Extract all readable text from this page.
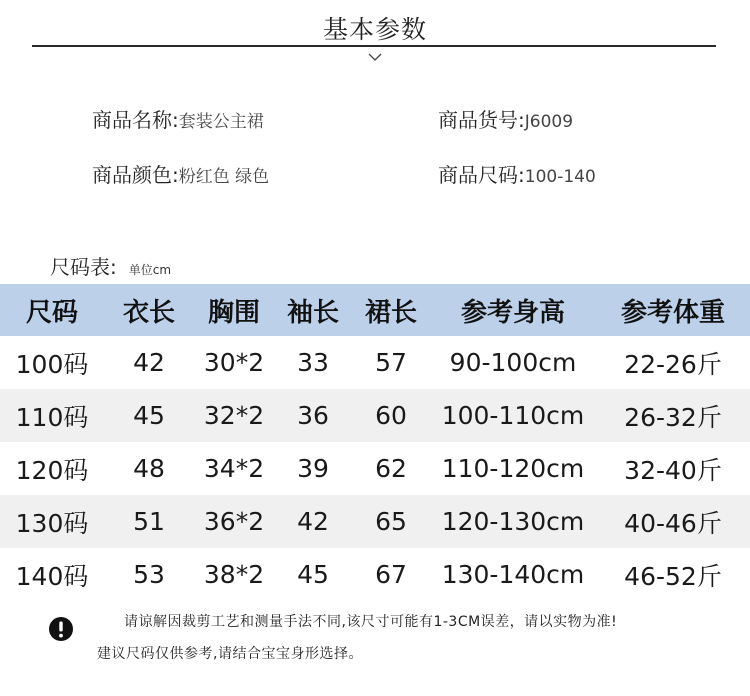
基本参数
商品名称:套装公主裙	商品货号:J6009
商品颜色:粉红色 绿色	商品尺码:100-140
尺码表: 单位cm
尺码	衣长	胸围	袖长	裙长	参考身高	参考体重
100码	42	30*2	33	57	90-100cm	22-26斤
110码	45	32*2	36	60	100-110cm	26-32斤
120码	48	34*2	39	62	110-120cm	32-40斤
130码	51	36*2	42	65	120-130cm	40-46斤
140码	53	38*2	45	67	130-140cm	46-52斤
请谅解因裁剪工艺和测量手法不同,该尺寸可能有1-3CM误差，请以实物为准!
建议尺码仅供参考,请结合宝宝身形选择。
